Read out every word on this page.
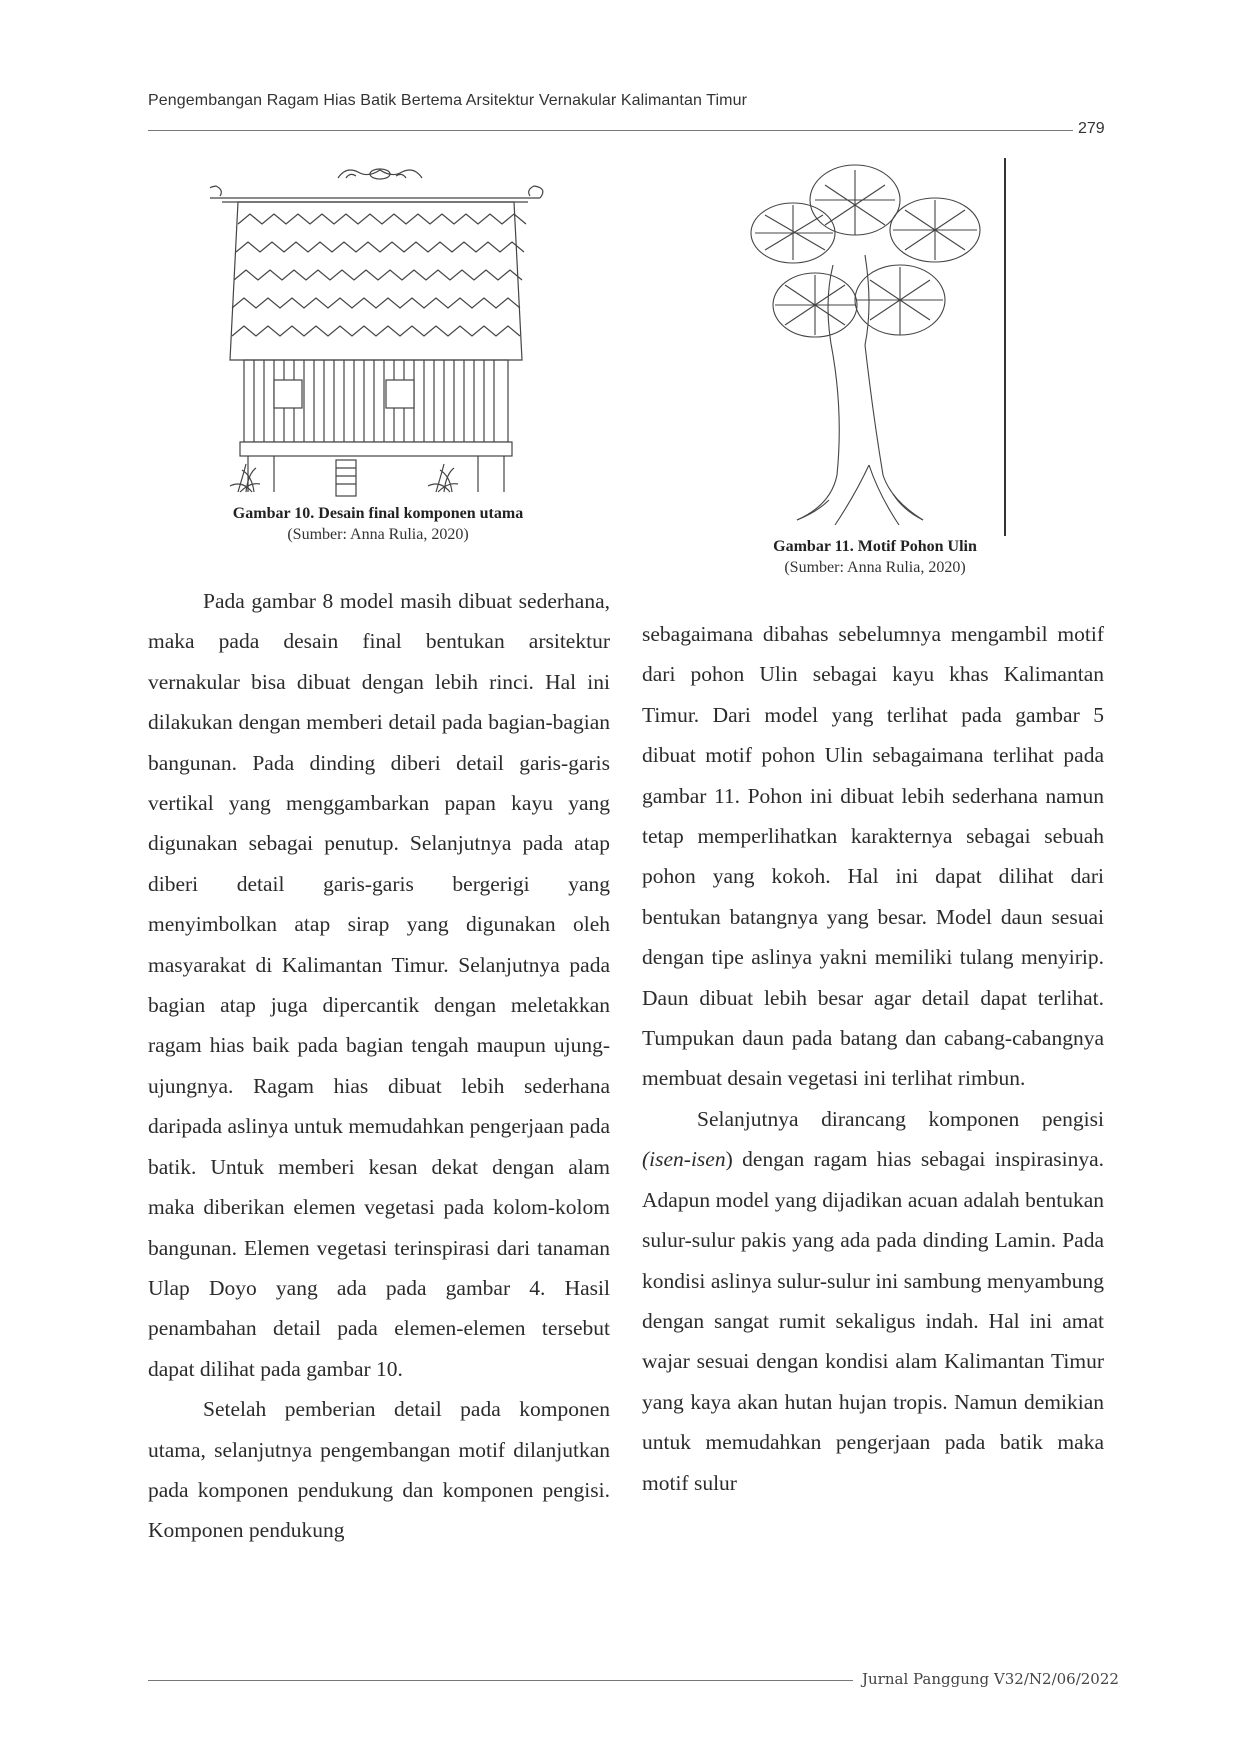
Pengembangan Ragam Hias Batik Bertema Arsitektur Vernakular Kalimantan Timur
279
Gambar 10. Desain final komponen utama
(Sumber: Anna Rulia, 2020)
Gambar 11. Motif Pohon Ulin
(Sumber: Anna Rulia, 2020)

Pada gambar 8 model masih dibuat sederhana, maka pada desain final bentukan arsitektur vernakular bisa dibuat dengan lebih rinci. Hal ini dilakukan dengan memberi detail pada bagian-bagian bangunan. Pada dinding diberi detail garis-garis vertikal yang menggambarkan papan kayu yang digunakan sebagai penutup. Selanjutnya pada atap diberi detail garis-garis bergerigi yang menyimbolkan atap sirap yang digunakan oleh masyarakat di Kalimantan Timur. Selanjutnya pada bagian atap juga dipercantik dengan meletakkan ragam hias baik pada bagian tengah maupun ujung-ujungnya. Ragam hias dibuat lebih sederhana daripada aslinya untuk memudahkan pengerjaan pada batik. Untuk memberi kesan dekat dengan alam maka diberikan elemen vegetasi pada kolom-kolom bangunan. Elemen vegetasi terinspirasi dari tanaman Ulap Doyo yang ada pada gambar 4. Hasil penambahan detail pada elemen-elemen tersebut dapat dilihat pada gambar 10.

Setelah pemberian detail pada komponen utama, selanjutnya pengembangan motif dilanjutkan pada komponen pendukung dan komponen pengisi. Komponen pendukung

sebagaimana dibahas sebelumnya mengambil motif dari pohon Ulin sebagai kayu khas Kalimantan Timur. Dari model yang terlihat pada gambar 5 dibuat motif pohon Ulin sebagaimana terlihat pada gambar 11. Pohon ini dibuat lebih sederhana namun tetap memperlihatkan karakternya sebagai sebuah pohon yang kokoh. Hal ini dapat dilihat dari bentukan batangnya yang besar. Model daun sesuai dengan tipe aslinya yakni memiliki tulang menyirip. Daun dibuat lebih besar agar detail dapat terlihat. Tumpukan daun pada batang dan cabang-cabangnya membuat desain vegetasi ini terlihat rimbun.

Selanjutnya dirancang komponen pengisi (isen-isen) dengan ragam hias sebagai inspirasinya. Adapun model yang dijadikan acuan adalah bentukan sulur-sulur pakis yang ada pada dinding Lamin. Pada kondisi aslinya sulur-sulur ini sambung menyambung dengan sangat rumit sekaligus indah. Hal ini amat wajar sesuai dengan kondisi alam Kalimantan Timur yang kaya akan hutan hujan tropis. Namun demikian untuk memudahkan pengerjaan pada batik maka motif sulur

Jurnal Panggung V32/N2/06/2022
